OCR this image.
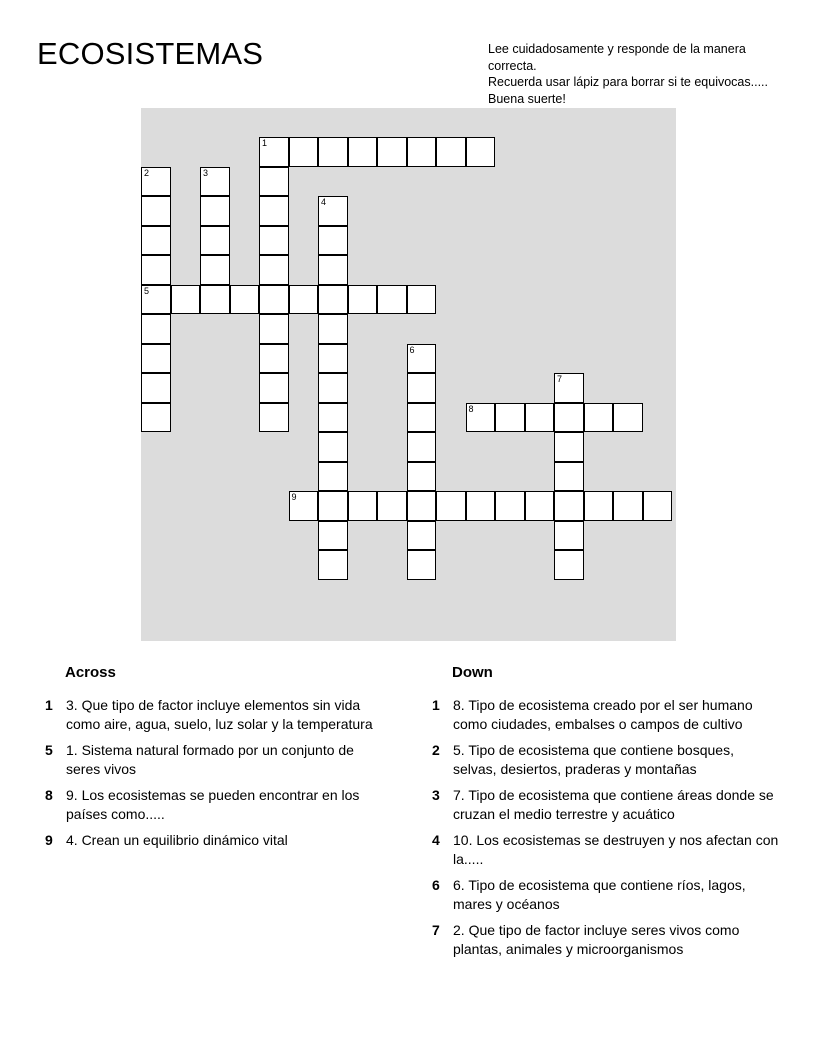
ECOSISTEMAS	Lee cuidadosamente y responde de la manera correcta.
Recuerda usar lápiz para borrar si te equivocas.....
Buena suerte!
1
5
8
9
2	3
4
6
7
Across
1 3. Que tipo de factor incluye elementos sin vida como aire, agua, suelo, luz solar y la temperatura
5 1. Sistema natural formado por un conjunto de seres vivos
8 9. Los ecosistemas se pueden encontrar en los países como.....
9 4. Crean un equilibrio dinámico vital
Down
1 8. Tipo de ecosistema creado por el ser humano como ciudades, embalses o campos de cultivo
2 5. Tipo de ecosistema que contiene bosques, selvas, desiertos, praderas y montañas
3 7. Tipo de ecosistema que contiene áreas donde se cruzan el medio terrestre y acuático
4 10. Los ecosistemas se destruyen y nos afectan con la.....
6 6. Tipo de ecosistema que contiene ríos, lagos, mares y océanos
7 2. Que tipo de factor incluye seres vivos como plantas, animales y microorganismos
